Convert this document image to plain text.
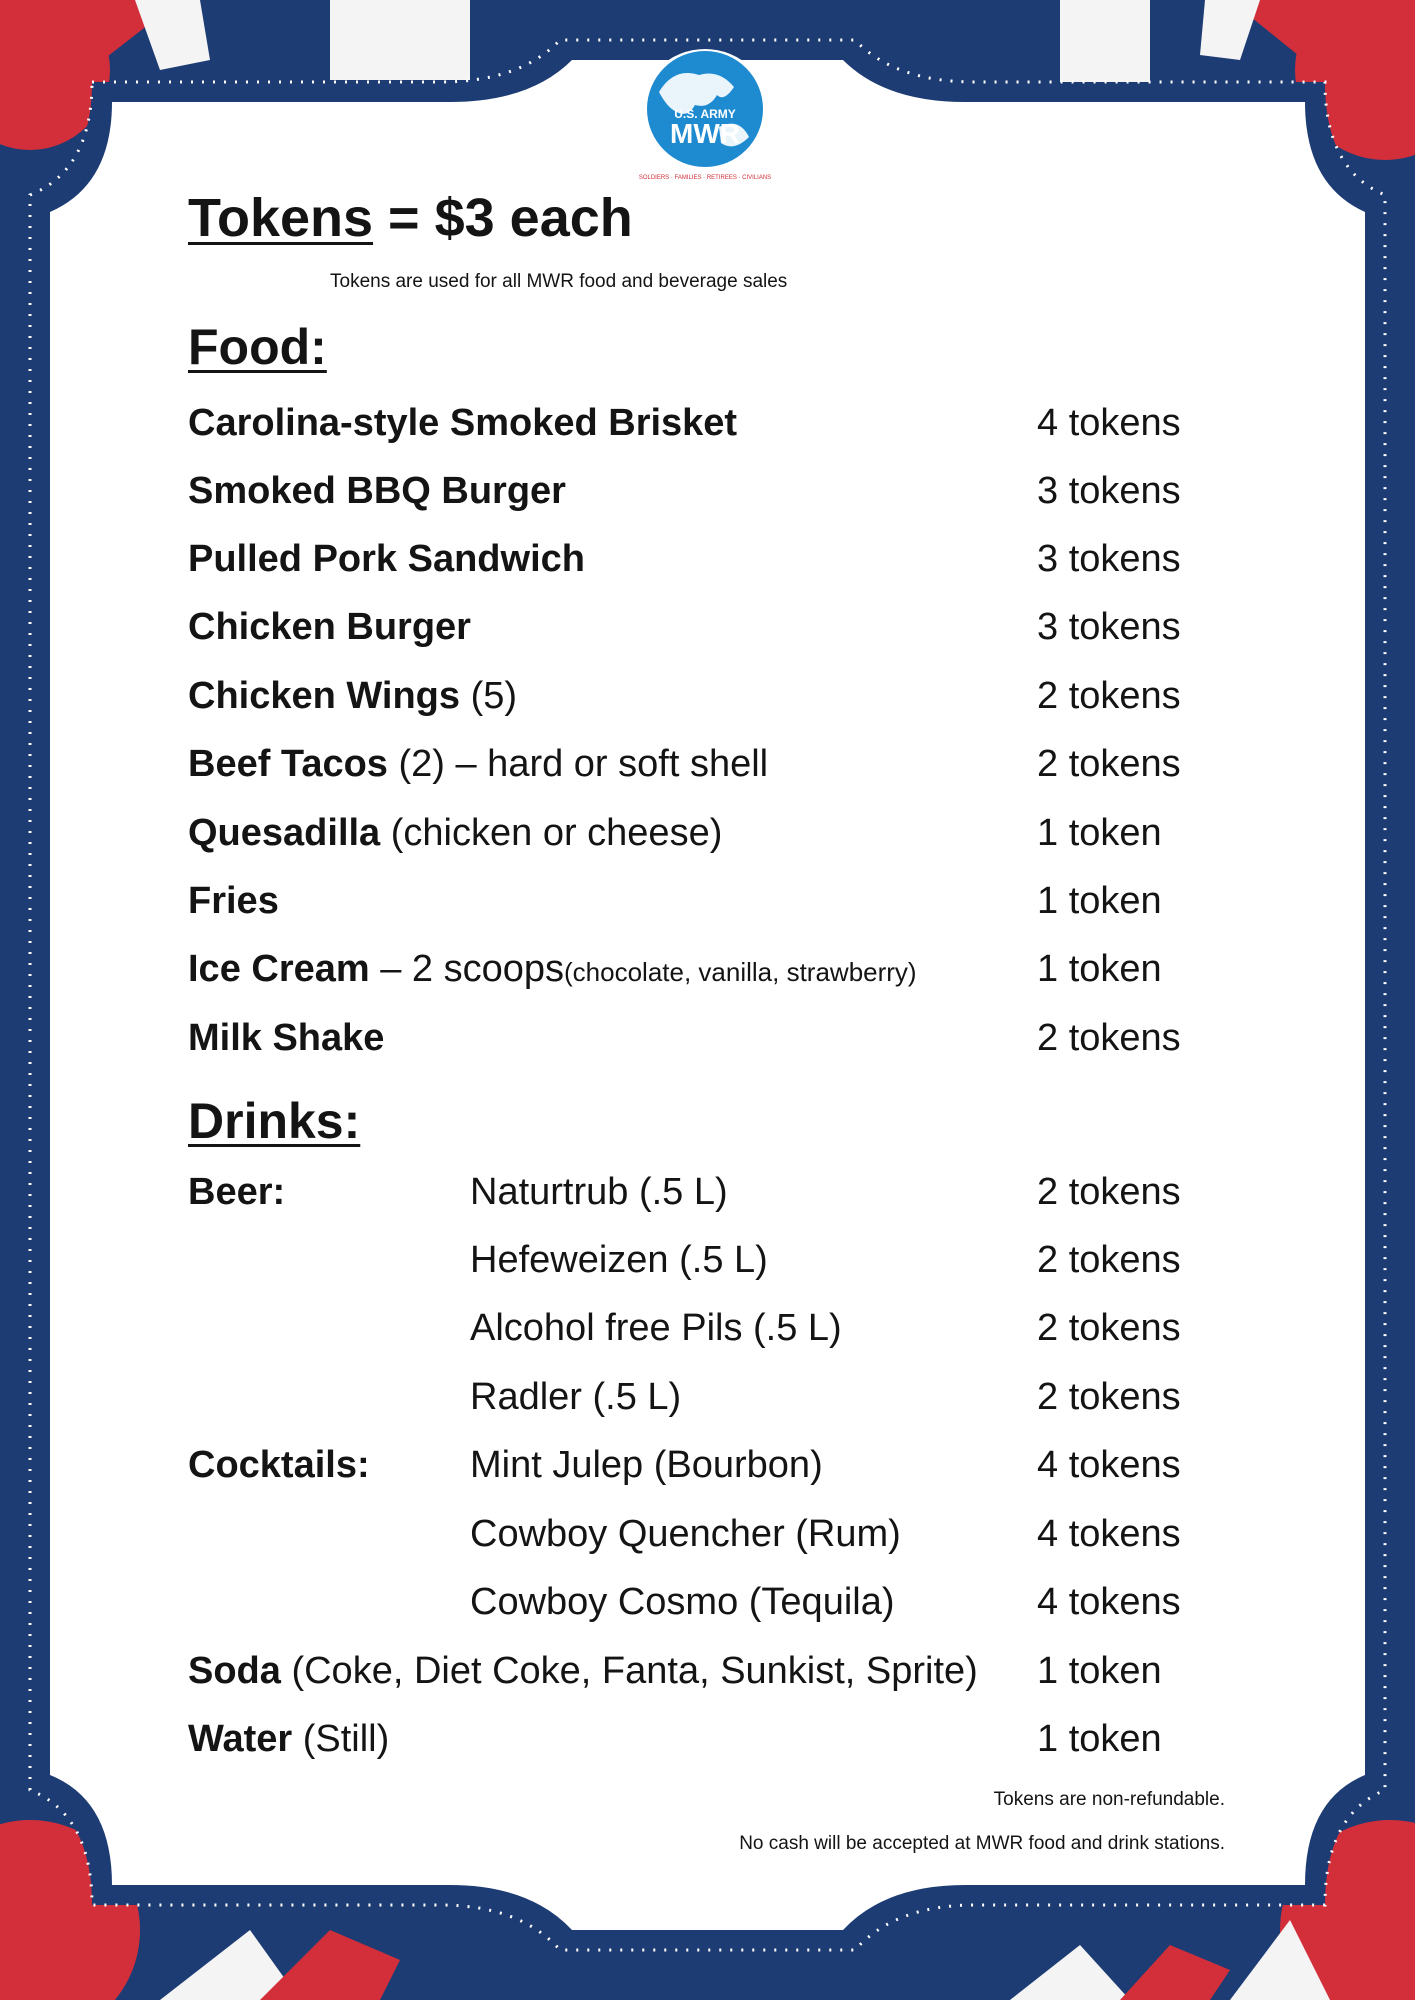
U.S. ARMY
MWR
SOLDIERS · FAMILIES · RETIREES · CIVILIANS
Tokens = $3 each
Tokens are used for all MWR food and beverage sales
Food:
Carolina-style Smoked Brisket	4 tokens
Smoked BBQ Burger	3 tokens
Pulled Pork Sandwich	3 tokens
Chicken Burger	3 tokens
Chicken Wings (5)	2 tokens
Beef Tacos (2) – hard or soft shell	2 tokens
Quesadilla (chicken or cheese)	1 token
Fries	1 token
Ice Cream – 2 scoops(chocolate, vanilla, strawberry)	1 token
Milk Shake	2 tokens
Drinks:
Beer:	Naturtrub (.5 L)	2 tokens
Hefeweizen (.5 L)	2 tokens
Alcohol free Pils (.5 L)	2 tokens
Radler (.5 L)	2 tokens
Cocktails:	Mint Julep (Bourbon)	4 tokens
Cowboy Quencher (Rum)	4 tokens
Cowboy Cosmo (Tequila)	4 tokens
Soda (Coke, Diet Coke, Fanta, Sunkist, Sprite) 1 token
Water (Still)	1 token
Tokens are non-refundable.
No cash will be accepted at MWR food and drink stations.
